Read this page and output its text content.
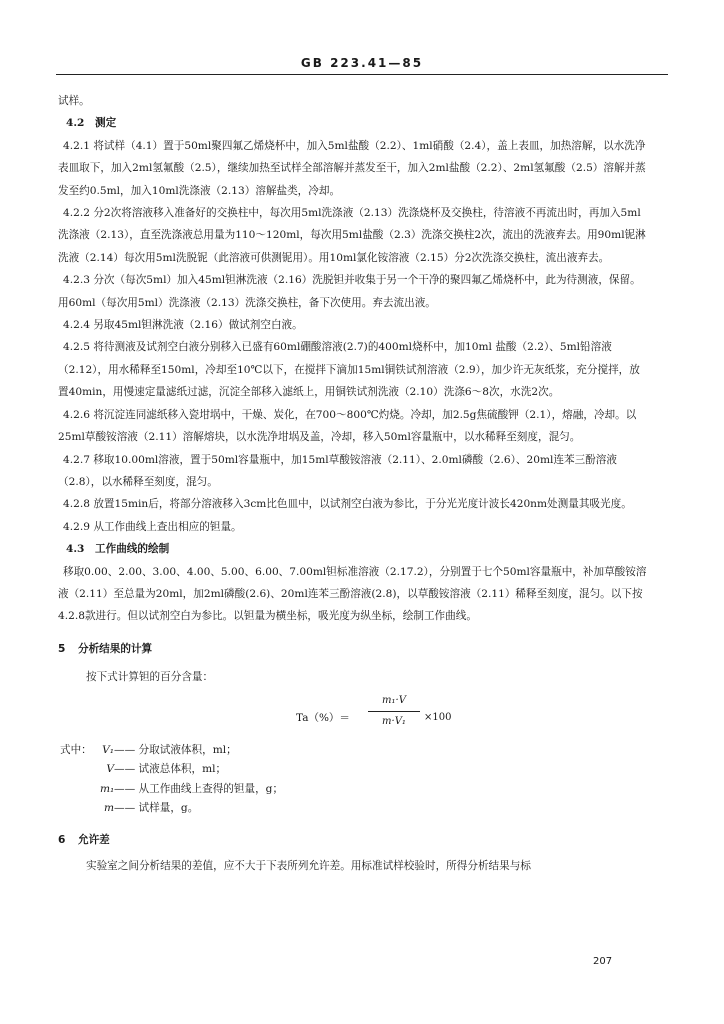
GB 223.41—85

试样。

4.2　测定

4.2.1 将试样（4.1）置于50ml聚四氟乙烯烧杯中，加入5ml盐酸（2.2）、1ml硝酸（2.4），盖上表皿，加热溶解，以水洗净表皿取下，加入2ml氢氟酸（2.5），继续加热至试样全部溶解并蒸发至干，加入2ml盐酸（2.2）、2ml氢氟酸（2.5）溶解并蒸发至约0.5ml，加入10ml洗涤液（2.13）溶解盐类，冷却。

4.2.2 分2次将溶液移入准备好的交换柱中，每次用5ml洗涤液（2.13）洗涤烧杯及交换柱，待溶液不再流出时，再加入5ml洗涤液（2.13），直至洗涤液总用量为110～120ml，每次用5ml盐酸（2.3）洗涤交换柱2次，流出的洗液弃去。用90ml铌淋洗液（2.14）每次用5ml洗脱铌（此溶液可供测铌用）。用10ml氯化铵溶液（2.15）分2次洗涤交换柱，流出液弃去。

4.2.3 分次（每次5ml）加入45ml钽淋洗液（2.16）洗脱钽并收集于另一个干净的聚四氟乙烯烧杯中，此为待测液，保留。用60ml（每次用5ml）洗涤液（2.13）洗涤交换柱，备下次使用。弃去流出液。

4.2.4 另取45ml钽淋洗液（2.16）做试剂空白液。

4.2.5 将待测液及试剂空白液分别移入已盛有60ml硼酸溶液(2.7)的400ml烧杯中，加10ml 盐酸（2.2）、5ml铅溶液（2.12），用水稀释至150ml，冷却至10℃以下，在搅拌下滴加15ml铜铁试剂溶液（2.9），加少许无灰纸浆，充分搅拌，放置40min，用慢速定量滤纸过滤，沉淀全部移入滤纸上，用铜铁试剂洗液（2.10）洗涤6～8次，水洗2次。

4.2.6 将沉淀连同滤纸移入瓷坩埚中，干燥、炭化，在700～800℃灼烧。冷却，加2.5g焦硫酸钾（2.1），熔融，冷却。以25ml草酸铵溶液（2.11）溶解熔块，以水洗净坩埚及盖，冷却，移入50ml容量瓶中，以水稀释至刻度，混匀。

4.2.7 移取10.00ml溶液，置于50ml容量瓶中，加15ml草酸铵溶液（2.11）、2.0ml磷酸（2.6）、20ml连苯三酚溶液（2.8），以水稀释至刻度，混匀。

4.2.8 放置15min后，将部分溶液移入3cm比色皿中，以试剂空白液为参比，于分光光度计波长420nm处测量其吸光度。

4.2.9 从工作曲线上查出相应的钽量。

4.3　工作曲线的绘制

移取0.00、2.00、3.00、4.00、5.00、6.00、7.00ml钽标准溶液（2.17.2），分别置于七个50ml容量瓶中，补加草酸铵溶液（2.11）至总量为20ml，加2ml磷酸(2.6)、20ml连苯三酚溶液(2.8)，以草酸铵溶液（2.11）稀释至刻度，混匀。以下按4.2.8款进行。但以试剂空白为参比。以钽量为横坐标，吸光度为纵坐标，绘制工作曲线。

5 分析结果的计算

按下式计算钽的百分含量：

Ta（%）＝
m₁·V
m·V₁	×100
式中： V₁ —— 分取试液体积，ml；
V —— 试液总体积，ml；
m₁ —— 从工作曲线上查得的钽量，g；
m —— 试样量，g。

6 允许差

实验室之间分析结果的差值，应不大于下表所列允许差。用标准试样校验时，所得分析结果与标

207
